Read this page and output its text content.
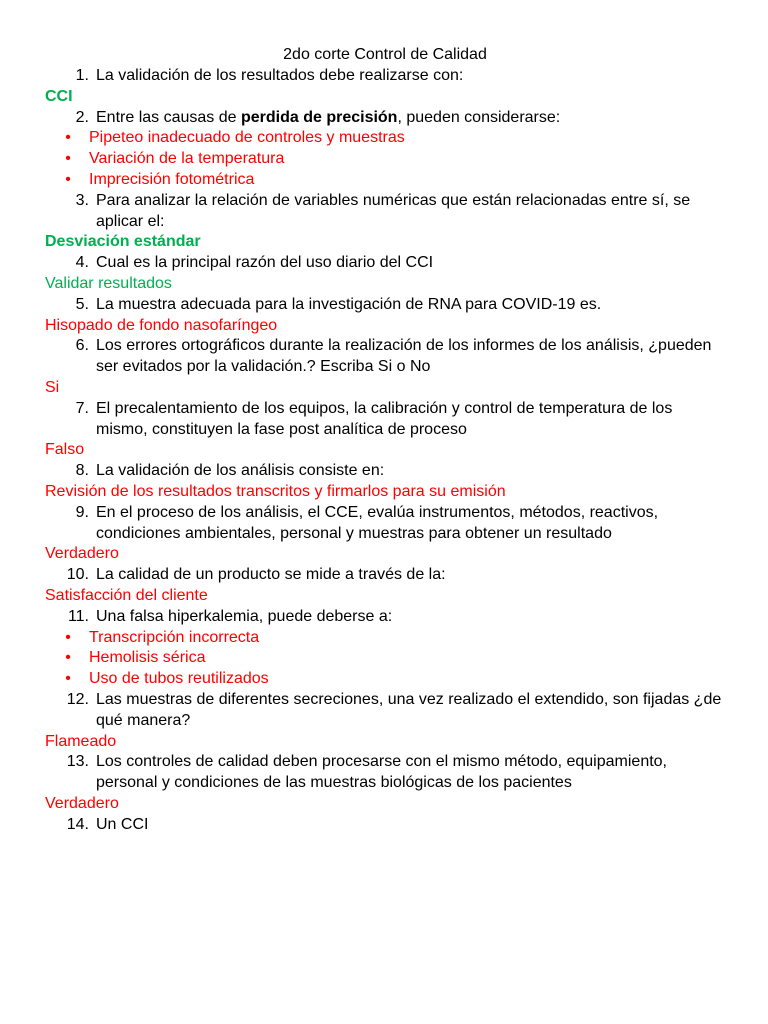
2do corte Control de Calidad
1. La validación de los resultados debe realizarse con:
CCI
2. Entre las causas de perdida de precisión, pueden considerarse:
•	Pipeteo inadecuado de controles y muestras
•	Variación de la temperatura
•	Imprecisión fotométrica
3. Para analizar la relación de variables numéricas que están relacionadas entre sí, se aplicar el:
Desviación estándar
4. Cual es la principal razón del uso diario del CCI
Validar resultados
5. La muestra adecuada para la investigación de RNA para COVID-19 es.
Hisopado de fondo nasofaríngeo
6. Los errores ortográficos durante la realización de los informes de los análisis, ¿pueden ser evitados por la validación.? Escriba Si o No
Si
7. El precalentamiento de los equipos, la calibración y control de temperatura de los mismo, constituyen la fase post analítica de proceso
Falso
8. La validación de los análisis consiste en:
Revisión de los resultados transcritos y firmarlos para su emisión
9. En el proceso de los análisis, el CCE, evalúa instrumentos, métodos, reactivos, condiciones ambientales, personal y muestras para obtener un resultado
Verdadero
10. La calidad de un producto se mide a través de la:
Satisfacción del cliente
11. Una falsa hiperkalemia, puede deberse a:
•	Transcripción incorrecta
•	Hemolisis sérica
•	Uso de tubos reutilizados
12. Las muestras de diferentes secreciones, una vez realizado el extendido, son fijadas ¿de qué manera?
Flameado
13. Los controles de calidad deben procesarse con el mismo método, equipamiento, personal y condiciones de las muestras biológicas de los pacientes
Verdadero
14. Un CCI
